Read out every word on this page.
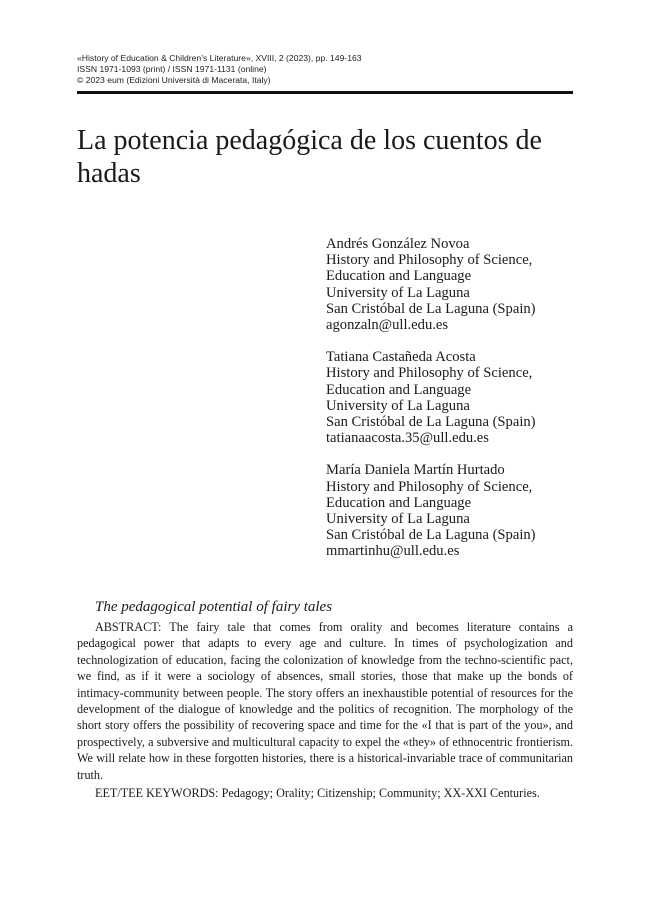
«History of Education & Children’s Literature», XVIII, 2 (2023), pp. 149-163
ISSN 1971-1093 (print) / ISSN 1971-1131 (online)
© 2023 eum (Edizioni Università di Macerata, Italy)
La potencia pedagógica de los cuentos de hadas
Andrés González Novoa
History and Philosophy of Science,
Education and Language
University of La Laguna
San Cristóbal de La Laguna (Spain)
agonzaln@ull.edu.es
Tatiana Castañeda Acosta
History and Philosophy of Science,
Education and Language
University of La Laguna
San Cristóbal de La Laguna (Spain)
tatianaacosta.35@ull.edu.es
María Daniela Martín Hurtado
History and Philosophy of Science,
Education and Language
University of La Laguna
San Cristóbal de La Laguna (Spain)
mmartinhu@ull.edu.es
The pedagogical potential of fairy tales

ABSTRACT: The fairy tale that comes from orality and becomes literature contains a pedagogical power that adapts to every age and culture. In times of psychologization and technologization of education, facing the colonization of knowledge from the techno-scientific pact, we find, as if it were a sociology of absences, small stories, those that make up the bonds of intimacy-community between people. The story offers an inexhaustible potential of resources for the development of the dialogue of knowledge and the politics of recognition. The morphology of the short story offers the possibility of recovering space and time for the «I that is part of the you», and prospectively, a subversive and multicultural capacity to expel the «they» of ethnocentric frontierism. We will relate how in these forgotten histories, there is a historical-invariable trace of communitarian truth.

EET/TEE KEYWORDS: Pedagogy; Orality; Citizenship; Community; XX-XXI Centuries.
